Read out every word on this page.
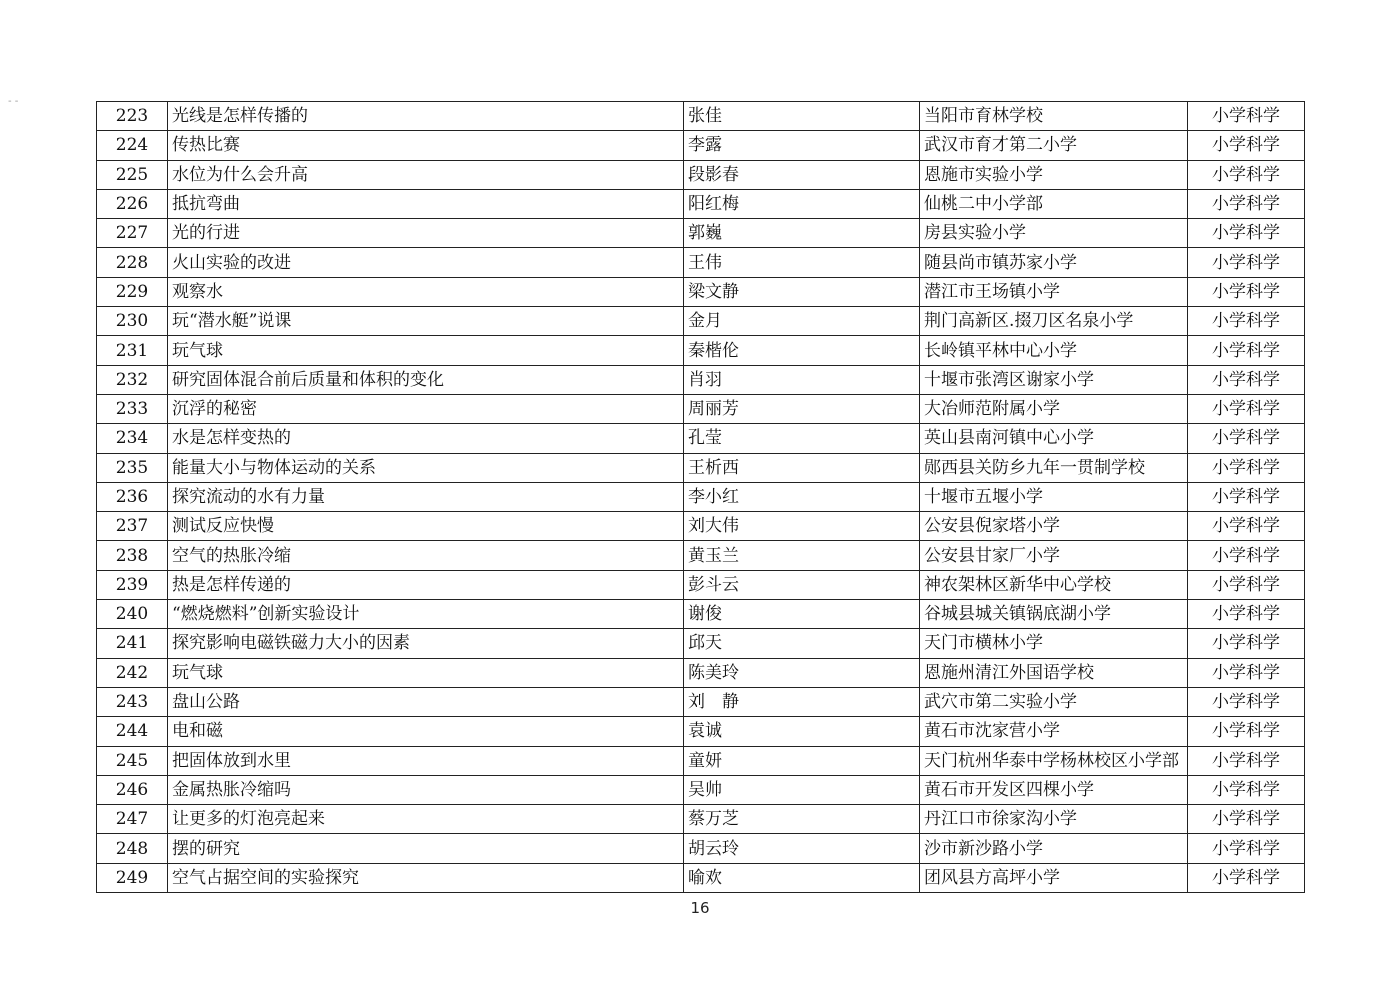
- -
223	光线是怎样传播的	张佳	当阳市育林学校	小学科学
224	传热比赛	李露	武汉市育才第二小学	小学科学
225	水位为什么会升高	段影春	恩施市实验小学	小学科学
226	抵抗弯曲	阳红梅	仙桃二中小学部	小学科学
227	光的行进	郭巍	房县实验小学	小学科学
228	火山实验的改进	王伟	随县尚市镇苏家小学	小学科学
229	观察水	梁文静	潜江市王场镇小学	小学科学
230	玩“潜水艇”说课	金月	荆门高新区.掇刀区名泉小学	小学科学
231	玩气球	秦楷伦	长岭镇平林中心小学	小学科学
232	研究固体混合前后质量和体积的变化	肖羽	十堰市张湾区谢家小学	小学科学
233	沉浮的秘密	周丽芳	大冶师范附属小学	小学科学
234	水是怎样变热的	孔莹	英山县南河镇中心小学	小学科学
235	能量大小与物体运动的关系	王析西	郧西县关防乡九年一贯制学校	小学科学
236	探究流动的水有力量	李小红	十堰市五堰小学	小学科学
237	测试反应快慢	刘大伟	公安县倪家塔小学	小学科学
238	空气的热胀冷缩	黄玉兰	公安县甘家厂小学	小学科学
239	热是怎样传递的	彭斗云	神农架林区新华中心学校	小学科学
240	“燃烧燃料”创新实验设计	谢俊	谷城县城关镇锅底湖小学	小学科学
241	探究影响电磁铁磁力大小的因素	邱天	天门市横林小学	小学科学
242	玩气球	陈美玲	恩施州清江外国语学校	小学科学
243	盘山公路	刘　静	武穴市第二实验小学	小学科学
244	电和磁	袁诚	黄石市沈家营小学	小学科学
245	把固体放到水里	童妍	天门杭州华泰中学杨林校区小学部	小学科学
246	金属热胀冷缩吗	吴帅	黄石市开发区四棵小学	小学科学
247	让更多的灯泡亮起来	蔡万芝	丹江口市徐家沟小学	小学科学
248	摆的研究	胡云玲	沙市新沙路小学	小学科学
249	空气占据空间的实验探究	喻欢	团风县方高坪小学	小学科学
16
